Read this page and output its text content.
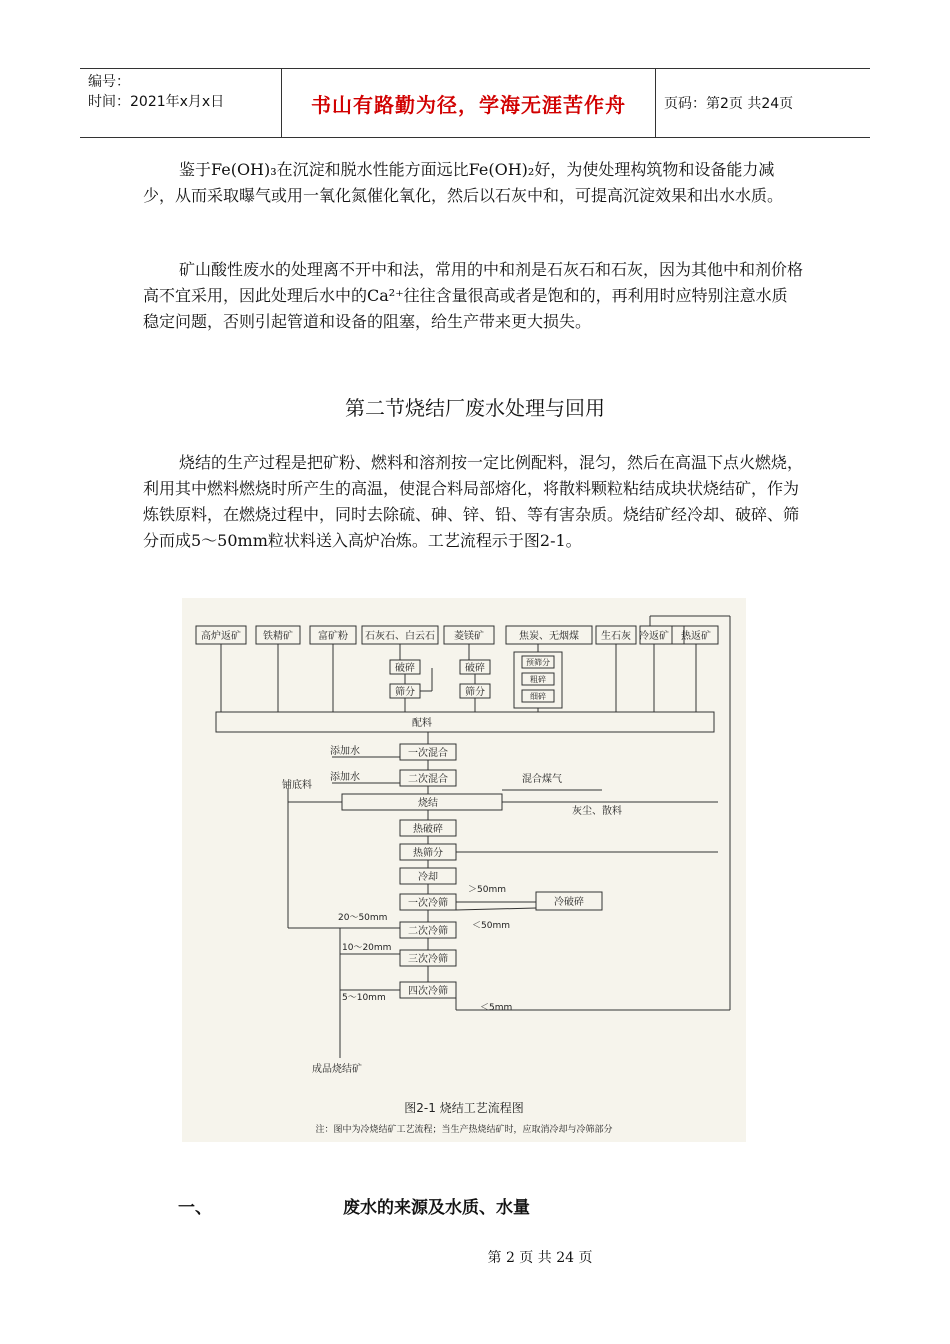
编号：
时间：2021年x月x日	书山有路勤为径，学海无涯苦作舟	页码：第2页 共24页

鉴于Fe(OH)₃在沉淀和脱水性能方面远比Fe(OH)₂好，为使处理构筑物和设备能力减少，从而采取曝气或用一氧化氮催化氧化，然后以石灰中和，可提高沉淀效果和出水水质。

矿山酸性废水的处理离不开中和法，常用的中和剂是石灰石和石灰，因为其他中和剂价格高不宜采用，因此处理后水中的Ca²⁺往往含量很高或者是饱和的，再利用时应特别注意水质稳定问题，否则引起管道和设备的阻塞，给生产带来更大损失。

第二节烧结厂废水处理与回用

烧结的生产过程是把矿粉、燃料和溶剂按一定比例配料，混匀，然后在高温下点火燃烧，利用其中燃料燃烧时所产生的高温，使混合料局部熔化，将散料颗粒粘结成块状烧结矿，作为炼铁原料，在燃烧过程中，同时去除硫、砷、锌、铅、等有害杂质。烧结矿经冷却、破碎、筛分而成5～50mm粒状料送入高炉冶炼。工艺流程示于图2-1。

高炉返矿 铁精矿	富矿粉 石灰石、白云石 菱镁矿	焦炭、无烟煤 生石灰 冷返矿 热返矿
破碎
筛分
破碎
筛分
预筛分
粗碎
细碎
配料
一次混合
二次混合
烧结
热破碎
热筛分
冷却
一次冷筛	冷破碎
二次冷筛
三次冷筛
四次冷筛
添加水
添加水
铺底料
混合煤气
灰尘、散料
＞50mm
＜50mm
20～50mm
10～20mm
5～10mm
＜5mm
成品烧结矿
图2-1 烧结工艺流程图
注：图中为冷烧结矿工艺流程；当生产热烧结矿时，应取消冷却与冷筛部分
一、	废水的来源及水质、水量
第 2 页 共 24 页
